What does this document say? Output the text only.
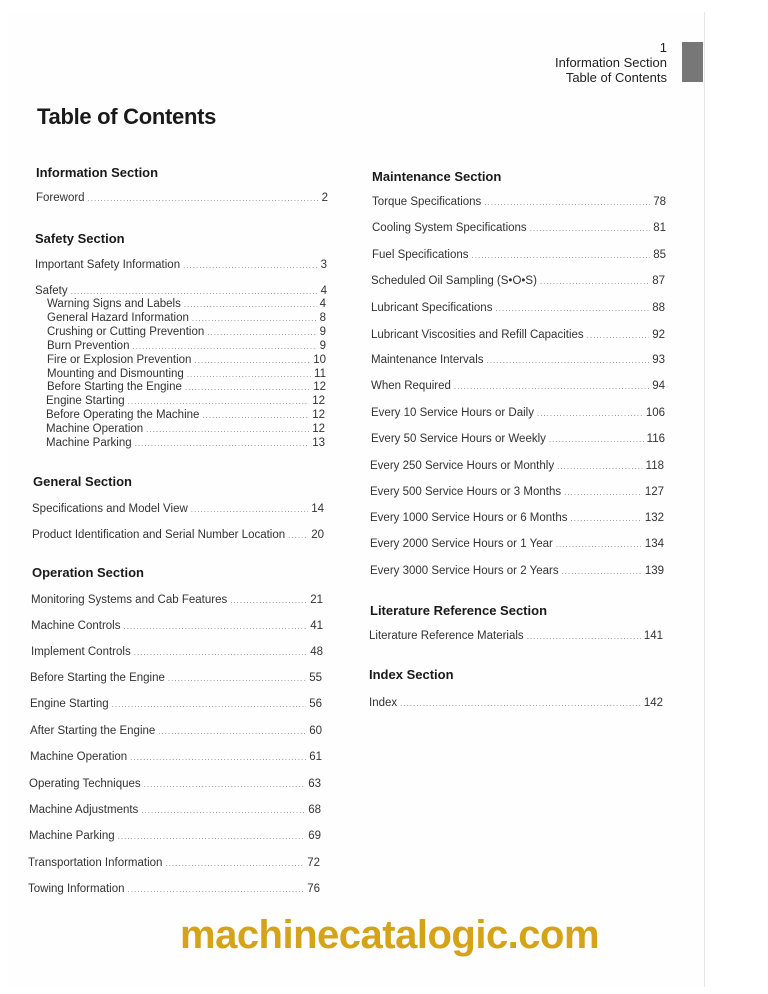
1
Information Section
Table of Contents
Table of Contents
Information Section
Foreword .....	2
Safety Section
Important Safety Information .....	3
Safety .....	4
Warning Signs and Labels .....	4
General Hazard Information .....	8
Crushing or Cutting Prevention .....	9
Burn Prevention .....	9
Fire or Explosion Prevention .....	10
Mounting and Dismounting .....	11
Before Starting the Engine .....	12
Engine Starting .....	12
Before Operating the Machine .....	12
Machine Operation .....	12
Machine Parking .....	13
General Section
Specifications and Model View .....	14
Product Identification and Serial Number Location ..... 20
Operation Section
Monitoring Systems and Cab Features .....	21
Machine Controls .....	41
Implement Controls .....	48
Before Starting the Engine .....	55
Engine Starting .....	56
After Starting the Engine .....	60
Machine Operation .....	61
Operating Techniques .....	63
Machine Adjustments .....	68
Machine Parking .....	69
Transportation Information .....	72
Towing Information .....	76
Maintenance Section
Torque Specifications .....	78
Cooling System Specifications .....	81
Fuel Specifications .....	85
Scheduled Oil Sampling (S•O•S) .....	87
Lubricant Specifications .....	88
Lubricant Viscosities and Refill Capacities .....	92
Maintenance Intervals .....	93
When Required .....	94
Every 10 Service Hours or Daily .....	106
Every 50 Service Hours or Weekly .....	116
Every 250 Service Hours or Monthly .....	118
Every 500 Service Hours or 3 Months .....	127
Every 1000 Service Hours or 6 Months .....	132
Every 2000 Service Hours or 1 Year .....	134
Every 3000 Service Hours or 2 Years .....	139
Literature Reference Section
Literature Reference Materials .....	141
Index Section
Index .....	142
machinecatalogic.com
